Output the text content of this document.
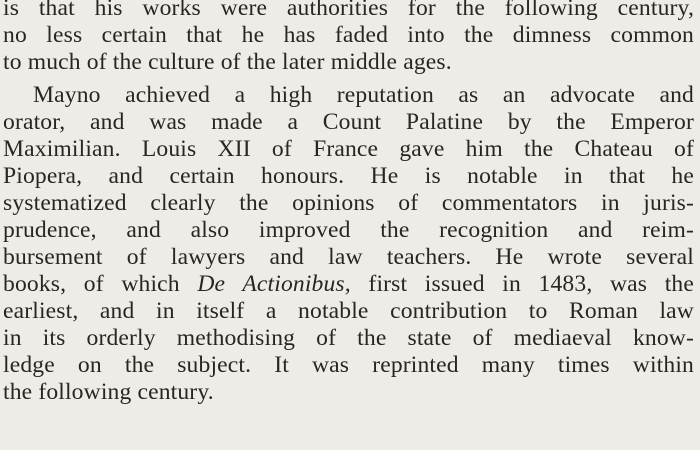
is that his works were authorities for the following century,
no less certain that he has faded into the dimness common
to much of the culture of the later middle ages.
Mayno achieved a high reputation as an advocate and
orator, and was made a Count Palatine by the Emperor
Maximilian. Louis XII of France gave him the Chateau of
Piopera, and certain honours. He is notable in that he
systematized clearly the opinions of commentators in juris-
prudence, and also improved the recognition and reim-
bursement of lawyers and law teachers. He wrote several
books, of which De Actionibus, first issued in 1483, was the
earliest, and in itself a notable contribution to Roman law
in its orderly methodising of the state of mediaeval know-
ledge on the subject. It was reprinted many times within
the following century.
